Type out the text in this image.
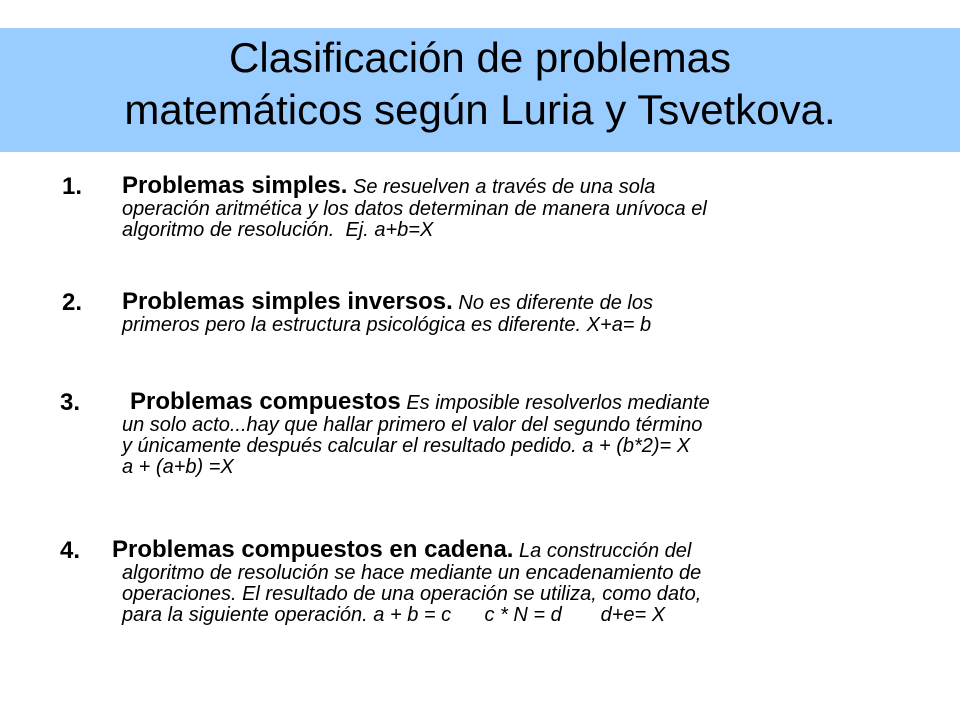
Clasificación de problemas
matemáticos según Luria y Tsvetkova.
1. Problemas simples. Se resuelven a través de una sola
operación aritmética y los datos determinan de manera unívoca el
algoritmo de resolución.  Ej. a+b=X
2. Problemas simples inversos. No es diferente de los
primeros pero la estructura psicológica es diferente. X+a= b
3.	Problemas compuestos Es imposible resolverlos mediante
un solo acto...hay que hallar primero el valor del segundo término
y únicamente después calcular el resultado pedido. a + (b*2)= X
a + (a+b) =X
4. Problemas compuestos en cadena. La construcción del
algoritmo de resolución se hace mediante un encadenamiento de
operaciones. El resultado de una operación se utiliza, como dato,
para la siguiente operación. a + b = c      c * N = d       d+e= X
